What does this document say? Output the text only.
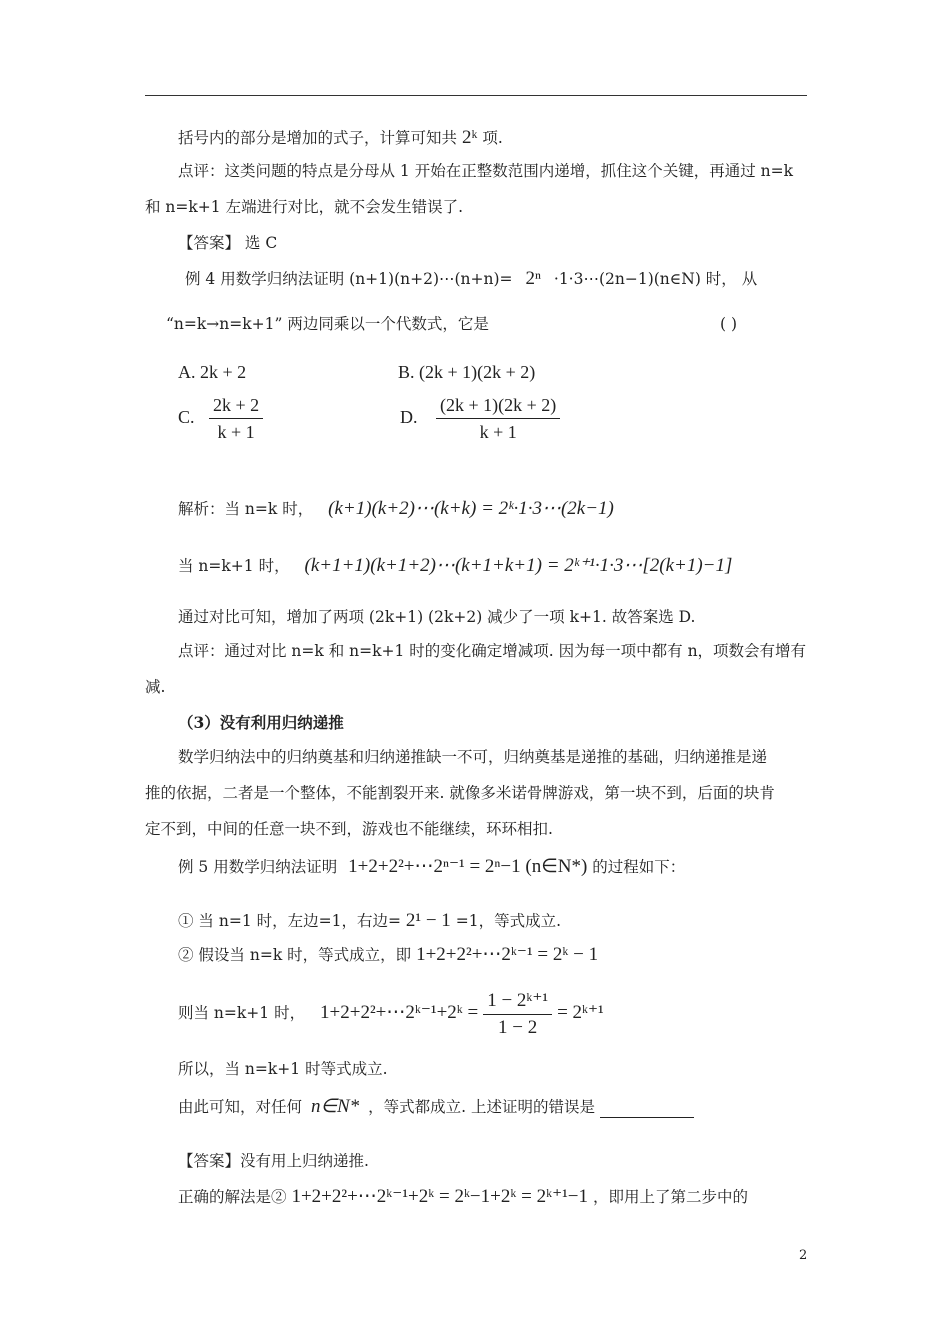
括号内的部分是增加的式子，计算可知共 2ᵏ 项.
点评：这类问题的特点是分母从 1 开始在正整数范围内递增，抓住这个关键，再通过 n=k
和 n=k+1 左端进行对比，就不会发生错误了.
【答案】 选 C
例 4 用数学归纳法证明 (n+1)(n+2)⋯(n+n)= 2ⁿ ·1·3⋯(2n−1)(n∈N) 时， 从
“n=k→n=k+1” 两边同乘以一个代数式，它是	( )
A. 2k + 2	B. (2k + 1)(2k + 2)
C. $\frac{2k + 2}{k + 1}$	D. $\frac{(2k + 1)(2k + 2)}{k + 1}$
解析：当 n=k 时， (k+1)(k+2)⋯(k+k) = 2ᵏ·1·3⋯(2k−1)
当 n=k+1 时， (k+1+1)(k+1+2)⋯(k+1+k+1) = 2ᵏ⁺¹·1·3⋯[2(k+1)−1]
通过对比可知，增加了两项 (2k+1) (2k+2) 减少了一项 k+1. 故答案选 D.
点评：通过对比 n=k 和 n=k+1 时的变化确定增减项. 因为每一项中都有 n，项数会有增有
减.
（3）没有利用归纳递推
数学归纳法中的归纳奠基和归纳递推缺一不可，归纳奠基是递推的基础，归纳递推是递
推的依据，二者是一个整体，不能割裂开来. 就像多米诺骨牌游戏，第一块不到，后面的块肯
定不到，中间的任意一块不到，游戏也不能继续，环环相扣.
例 5 用数学归纳法证明 1+2+2²+⋯2ⁿ⁻¹ = 2ⁿ−1 (n∈N*) 的过程如下：
① 当 n=1 时，左边=1，右边= 2¹ − 1 =1，等式成立.
② 假设当 n=k 时，等式成立，即 1+2+2²+⋯2ᵏ⁻¹ = 2ᵏ − 1
则当 n=k+1 时， 1+2+2²+⋯2ᵏ⁻¹+2ᵏ = $\frac{\text{1 − 2ᵏ⁺¹}}{1 - 2}$ = 2ᵏ⁺¹
所以，当 n=k+1 时等式成立.
由此可知，对任何 n∈N* ，等式都成立. 上述证明的错误是
【答案】没有用上归纳递推.
正确的解法是② 1+2+2²+⋯2ᵏ⁻¹+2ᵏ = 2ᵏ−1+2ᵏ = 2ᵏ⁺¹−1 ，即用上了第二步中的
2
